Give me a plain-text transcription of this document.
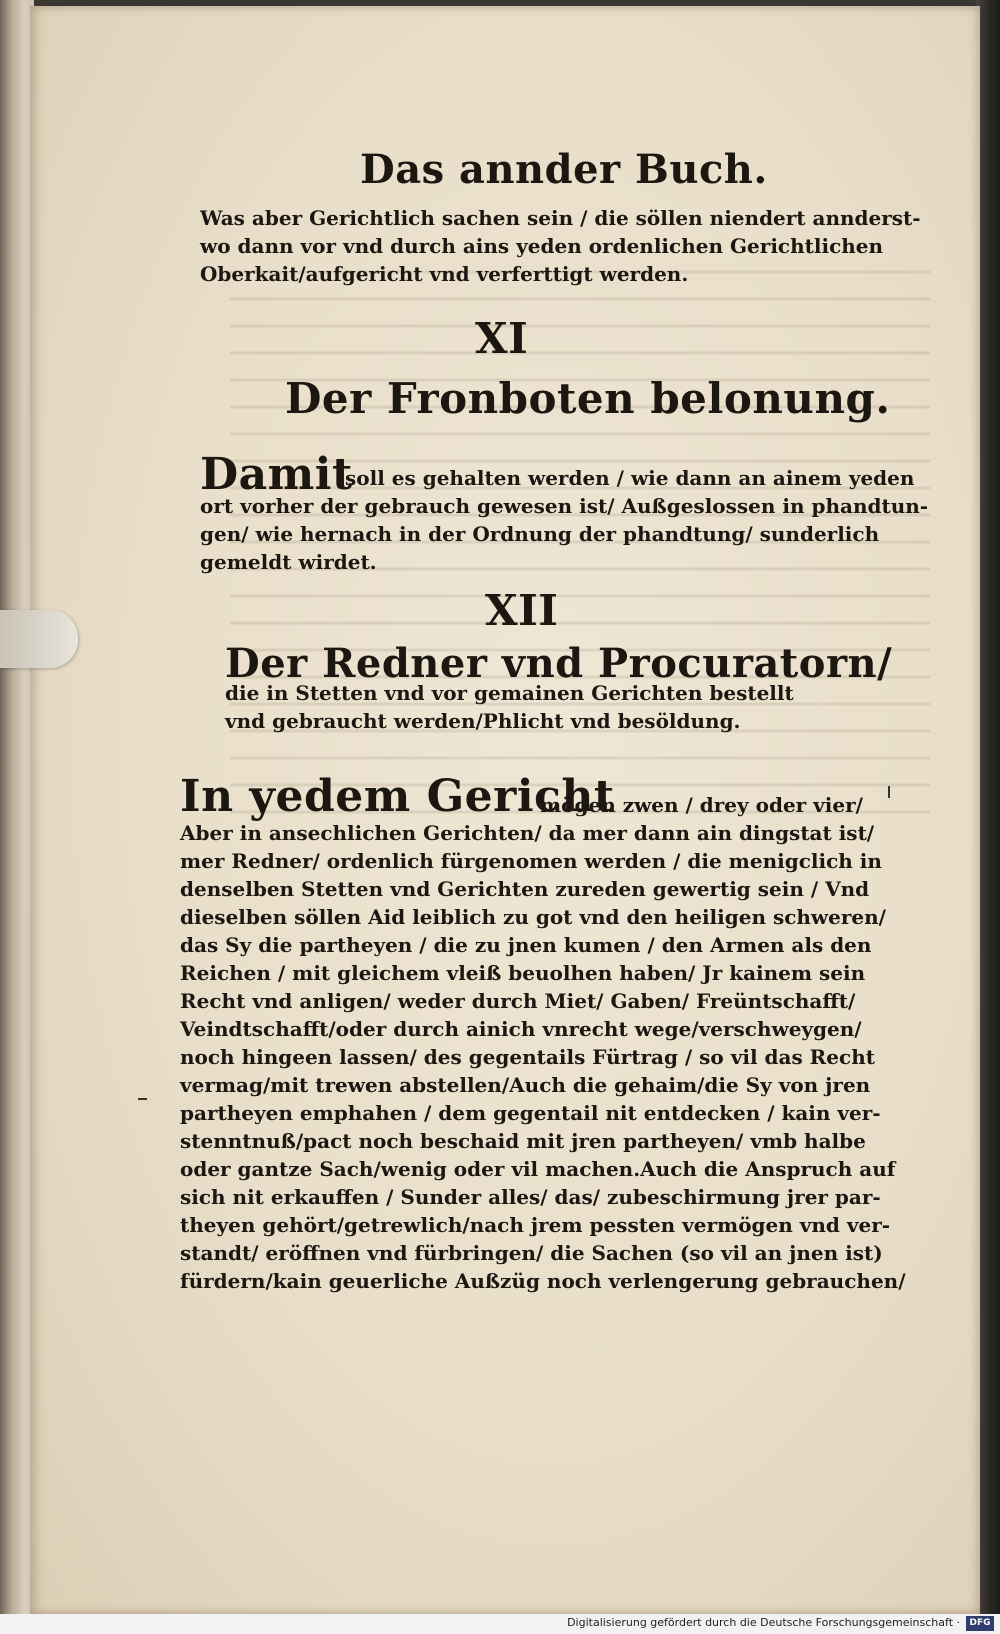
Das annder Buch.
Was aber Gerichtlich sachen sein / die söllen niendert annderst-
wo dann vor vnd durch ains yeden ordenlichen Gerichtlichen
Oberkait/aufgericht vnd verferttigt werden.
XI
Der Fronboten belonung.
Damit
soll es gehalten werden / wie dann an ainem yeden
ort vorher der gebrauch gewesen ist/ Außgeslossen in phandtun-
gen/ wie hernach in der Ordnung der phandtung/ sunderlich
gemeldt wirdet.
XII
Der Redner vnd Procuratorn/
die in Stetten vnd vor gemainen Gerichten bestellt
vnd gebraucht werden/Phlicht vnd besöldung.
In yedem Gericht
mögen zwen / drey oder vier/
Aber in ansechlichen Gerichten/ da mer dann ain dingstat ist/
mer Redner/ ordenlich fürgenomen werden / die menigclich in
denselben Stetten vnd Gerichten zureden gewertig sein / Vnd
dieselben söllen Aid leiblich zu got vnd den heiligen schweren/
das Sy die partheyen / die zu jnen kumen / den Armen als den
Reichen / mit gleichem vleiß beuolhen haben/ Jr kainem sein
Recht vnd anligen/ weder durch Miet/ Gaben/ Freüntschafft/
Veindtschafft/oder durch ainich vnrecht wege/verschweygen/
noch hingeen lassen/ des gegentails Fürtrag / so vil das Recht
vermag/mit trewen abstellen/Auch die gehaim/die Sy von jren
partheyen emphahen / dem gegentail nit entdecken / kain ver-
stenntnuß/pact noch beschaid mit jren partheyen/ vmb halbe
oder gantze Sach/wenig oder vil machen.Auch die Anspruch auf
sich nit erkauffen / Sunder alles/ das/ zubeschirmung jrer par-
theyen gehört/getrewlich/nach jrem pessten vermögen vnd ver-
standt/ eröffnen vnd fürbringen/ die Sachen (so vil an jnen ist)
fürdern/kain geuerliche Außzüg noch verlengerung gebrauchen/
Digitalisierung gefördert durch die Deutsche Forschungsgemeinschaft ·	DFG
